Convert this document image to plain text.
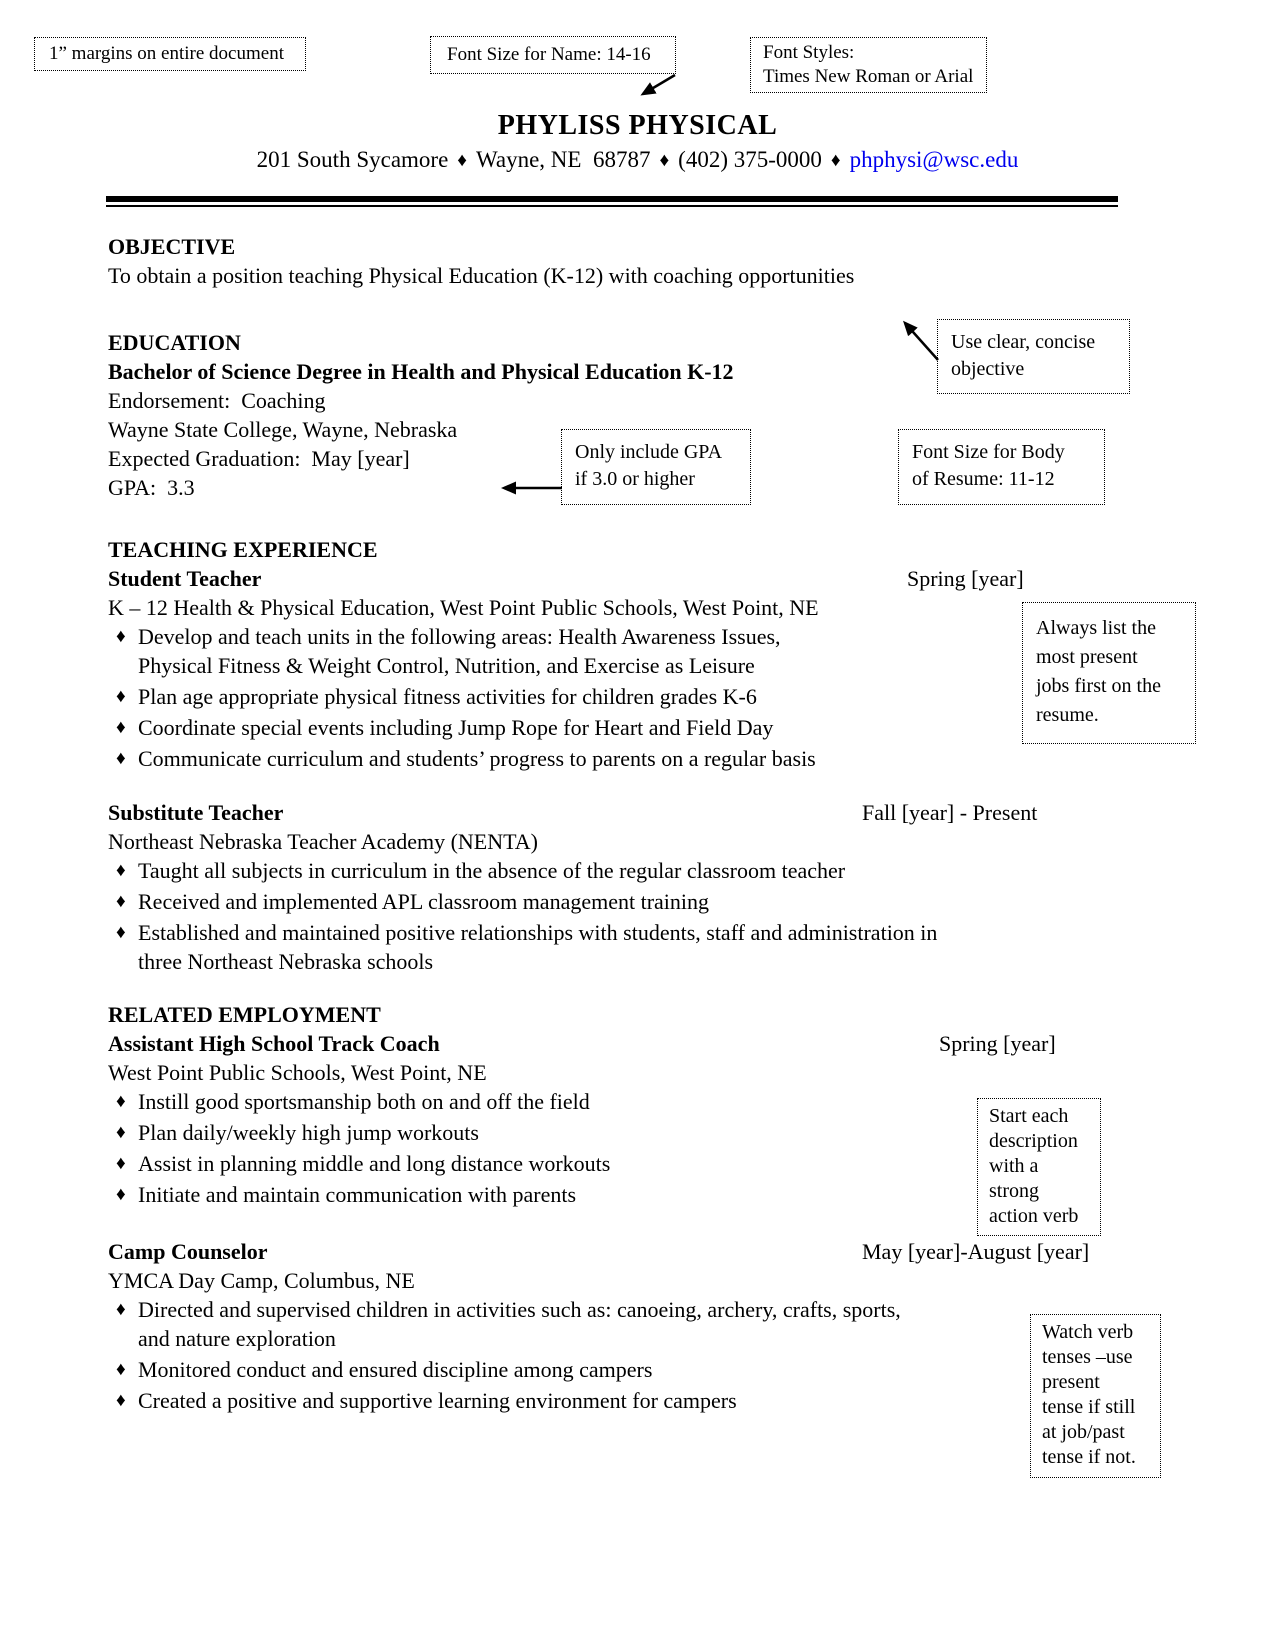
1” margins on entire document	Font Size for Name: 14-16	Font Styles:
Times New Roman or Arial
PHYLISS PHYSICAL
201 South Sycamore ♦ Wayne, NE  68787 ♦ (402) 375-0000 ♦ phphysi@wsc.edu
Use clear, concise
objective
Only include GPA
if 3.0 or higher
Font Size for Body
of Resume: 11-12
Always list the
most present
jobs first on the
resume.
Start each
description
with a
strong
action verb
Watch verb
tenses –use
present
tense if still
at job/past
tense if not.
OBJECTIVE
To obtain a position teaching Physical Education (K-12) with coaching opportunities
EDUCATION
Bachelor of Science Degree in Health and Physical Education K-12
Endorsement:  Coaching
Wayne State College, Wayne, Nebraska
Expected Graduation:  May [year]
GPA:  3.3
TEACHING EXPERIENCE
Student Teacher	Spring [year]
K – 12 Health & Physical Education, West Point Public Schools, West Point, NE
♦ Develop and teach units in the following areas: Health Awareness Issues,
Physical Fitness & Weight Control, Nutrition, and Exercise as Leisure
♦ Plan age appropriate physical fitness activities for children grades K-6
♦ Coordinate special events including Jump Rope for Heart and Field Day
♦ Communicate curriculum and students’ progress to parents on a regular basis
Substitute Teacher	Fall [year] - Present
Northeast Nebraska Teacher Academy (NENTA)
♦ Taught all subjects in curriculum in the absence of the regular classroom teacher
♦ Received and implemented APL classroom management training
♦ Established and maintained positive relationships with students, staff and administration in
three Northeast Nebraska schools
RELATED EMPLOYMENT
Assistant High School Track Coach	Spring [year]
West Point Public Schools, West Point, NE
♦ Instill good sportsmanship both on and off the field
♦ Plan daily/weekly high jump workouts
♦ Assist in planning middle and long distance workouts
♦ Initiate and maintain communication with parents
Camp Counselor	May [year]-August [year]
YMCA Day Camp, Columbus, NE
♦ Directed and supervised children in activities such as: canoeing, archery, crafts, sports,
and nature exploration
♦ Monitored conduct and ensured discipline among campers
♦ Created a positive and supportive learning environment for campers
